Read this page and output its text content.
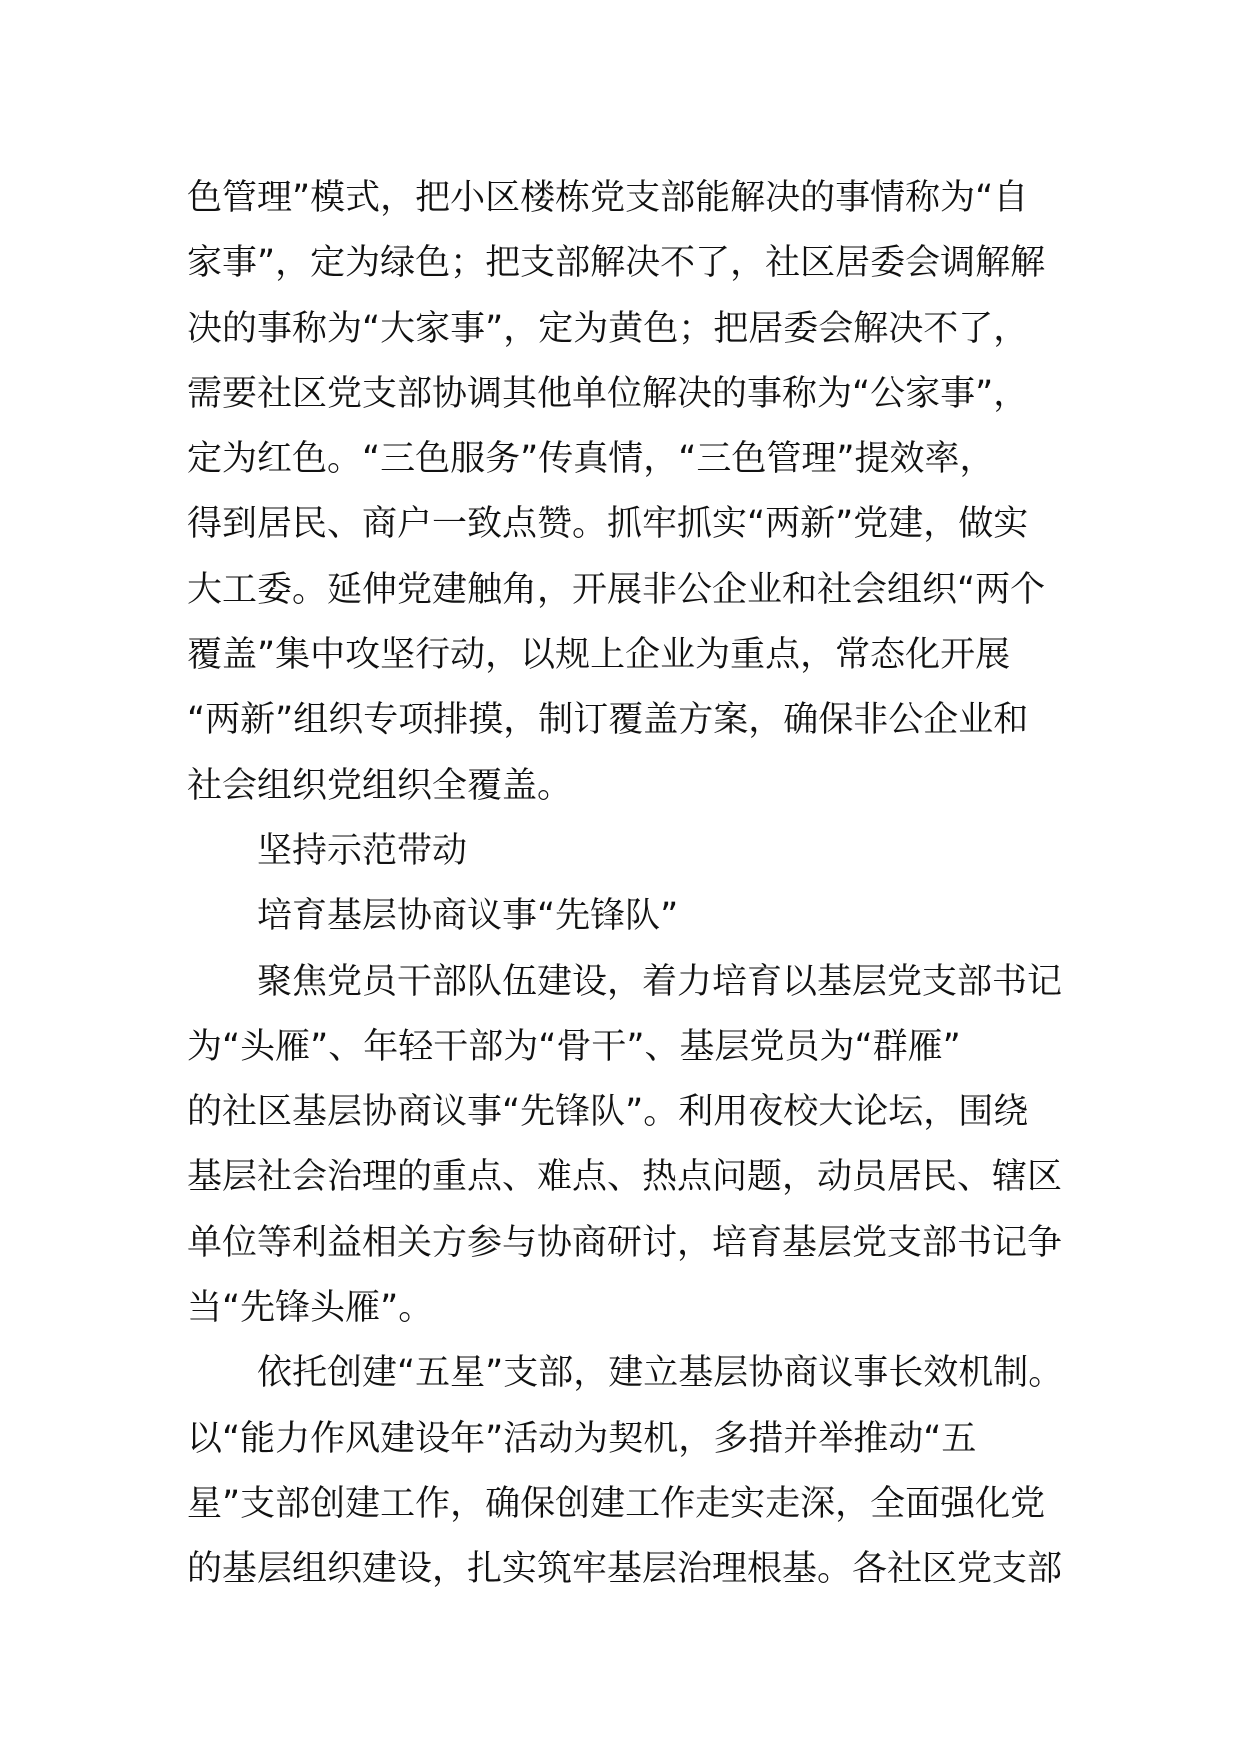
色管理”模式，把小区楼栋党支部能解决的事情称为“自
家事”，定为绿色；把支部解决不了，社区居委会调解解
决的事称为“大家事”，定为黄色；把居委会解决不了，
需要社区党支部协调其他单位解决的事称为“公家事”，
定为红色。“三色服务”传真情，“三色管理”提效率，
得到居民、商户一致点赞。抓牢抓实“两新”党建，做实
大工委。延伸党建触角，开展非公企业和社会组织“两个
覆盖”集中攻坚行动，以规上企业为重点，常态化开展
“两新”组织专项排摸，制订覆盖方案，确保非公企业和
社会组织党组织全覆盖。
坚持示范带动
培育基层协商议事“先锋队”
聚焦党员干部队伍建设，着力培育以基层党支部书记
为“头雁”、年轻干部为“骨干”、基层党员为“群雁”
的社区基层协商议事“先锋队”。利用夜校大论坛，围绕
基层社会治理的重点、难点、热点问题，动员居民、辖区
单位等利益相关方参与协商研讨，培育基层党支部书记争
当“先锋头雁”。
依托创建“五星”支部，建立基层协商议事长效机制。
以“能力作风建设年”活动为契机，多措并举推动“五
星”支部创建工作，确保创建工作走实走深，全面强化党
的基层组织建设，扎实筑牢基层治理根基。各社区党支部
